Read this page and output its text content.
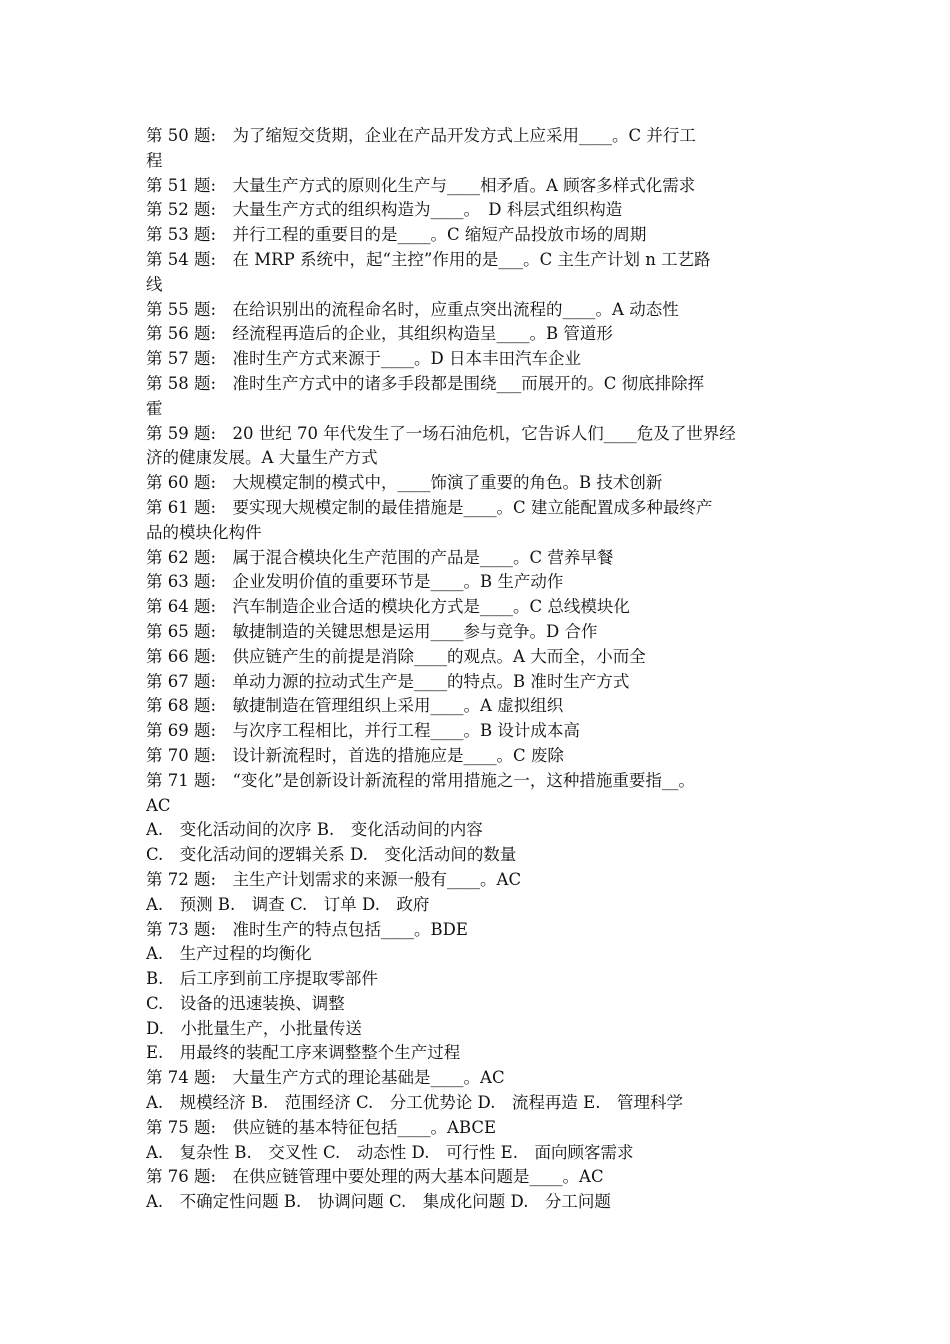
第 50 题:　为了缩短交货期，企业在产品开发方式上应采用____。C 并行工
程
第 51 题:　大量生产方式的原则化生产与____相矛盾。A 顾客多样式化需求
第 52 题:　大量生产方式的组织构造为____。　D 科层式组织构造
第 53 题:　并行工程的重要目的是____。C 缩短产品投放市场的周期
第 54 题:　在 MRP 系统中，起“主控”作用的是___。C 主生产计划 n 工艺路
线
第 55 题:　在给识别出的流程命名时，应重点突出流程的____。A 动态性
第 56 题:　经流程再造后的企业，其组织构造呈____。B 管道形
第 57 题:　准时生产方式来源于____。D 日本丰田汽车企业
第 58 题:　准时生产方式中的诸多手段都是围绕___而展开的。C 彻底排除挥
霍
第 59 题:　20 世纪 70 年代发生了一场石油危机，它告诉人们____危及了世界经
济的健康发展。A 大量生产方式
第 60 题:　大规模定制的模式中，____饰演了重要的角色。B 技术创新
第 61 题:　要实现大规模定制的最佳措施是____。C 建立能配置成多种最终产
品的模块化构件
第 62 题:　属于混合模块化生产范围的产品是____。C 营养早餐
第 63 题:　企业发明价值的重要环节是____。B 生产动作
第 64 题:　汽车制造企业合适的模块化方式是____。C 总线模块化
第 65 题:　敏捷制造的关键思想是运用____参与竞争。D 合作
第 66 题:　供应链产生的前提是消除____的观点。A 大而全，小而全
第 67 题:　单动力源的拉动式生产是____的特点。B 准时生产方式
第 68 题:　敏捷制造在管理组织上采用____。A 虚拟组织
第 69 题:　与次序工程相比，并行工程____。B 设计成本高
第 70 题:　设计新流程时，首选的措施应是____。C 废除
第 71 题:　“变化”是创新设计新流程的常用措施之一，这种措施重要指__。
AC
A.　变化活动间的次序 B.　变化活动间的内容
C.　变化活动间的逻辑关系 D.　变化活动间的数量
第 72 题:　主生产计划需求的来源一般有____。AC
A.　预测 B.　调查 C.　订单 D.　政府
第 73 题:　准时生产的特点包括____。BDE
A.　生产过程的均衡化
B.　后工序到前工序提取零部件
C.　设备的迅速装换、调整
D.　小批量生产，小批量传送
E.　用最终的装配工序来调整整个生产过程
第 74 题:　大量生产方式的理论基础是____。AC
A.　规模经济 B.　范围经济 C.　分工优势论 D.　流程再造 E.　管理科学
第 75 题:　供应链的基本特征包括____。ABCE
A.　复杂性 B.　交叉性 C.　动态性 D.　可行性 E.　面向顾客需求
第 76 题:　在供应链管理中要处理的两大基本问题是____。AC
A.　不确定性问题 B.　协调问题 C.　集成化问题 D.　分工问题
